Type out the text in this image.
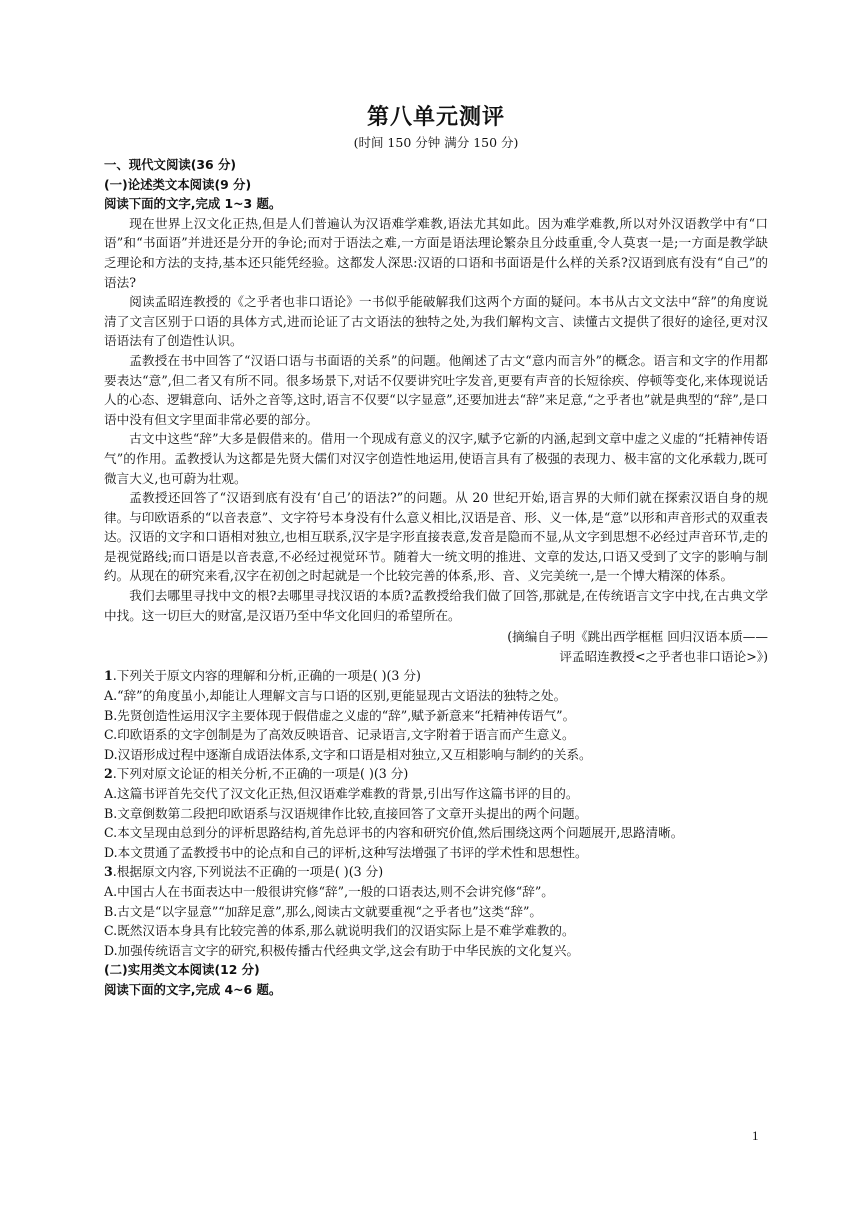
第八单元测评

(时间 150 分钟 满分 150 分)

一、现代文阅读(36 分)

(一)论述类文本阅读(9 分)

阅读下面的文字,完成 1~3 题。

现在世界上汉文化正热,但是人们普遍认为汉语难学难教,语法尤其如此。因为难学难教,所以对外汉语教学中有“口语”和“书面语”并进还是分开的争论;而对于语法之难,一方面是语法理论繁杂且分歧重重,令人莫衷一是;一方面是教学缺乏理论和方法的支持,基本还只能凭经验。这都发人深思:汉语的口语和书面语是什么样的关系?汉语到底有没有“自己”的语法?

阅读孟昭连教授的《之乎者也非口语论》一书似乎能破解我们这两个方面的疑问。本书从古文文法中“辞”的角度说清了文言区别于口语的具体方式,进而论证了古文语法的独特之处,为我们解构文言、读懂古文提供了很好的途径,更对汉语语法有了创造性认识。

孟教授在书中回答了“汉语口语与书面语的关系”的问题。他阐述了古文“意内而言外”的概念。语言和文字的作用都要表达“意”,但二者又有所不同。很多场景下,对话不仅要讲究吐字发音,更要有声音的长短徐疾、停顿等变化,来体现说话人的心态、逻辑意向、话外之音等,这时,语言不仅要“以字显意”,还要加进去“辞”来足意,“之乎者也”就是典型的“辞”,是口语中没有但文字里面非常必要的部分。

古文中这些“辞”大多是假借来的。借用一个现成有意义的汉字,赋予它新的内涵,起到文章中虚之义虚的“托精神传语气”的作用。孟教授认为这都是先贤大儒们对汉字创造性地运用,使语言具有了极强的表现力、极丰富的文化承载力,既可微言大义,也可蔚为壮观。

孟教授还回答了“汉语到底有没有‘自己’的语法?”的问题。从 20 世纪开始,语言界的大师们就在探索汉语自身的规律。与印欧语系的“以音表意”、文字符号本身没有什么意义相比,汉语是音、形、义一体,是“意”以形和声音形式的双重表达。汉语的文字和口语相对独立,也相互联系,汉字是字形直接表意,发音是隐而不显,从文字到思想不必经过声音环节,走的是视觉路线;而口语是以音表意,不必经过视觉环节。随着大一统文明的推进、文章的发达,口语又受到了文字的影响与制约。从现在的研究来看,汉字在初创之时起就是一个比较完善的体系,形、音、义完美统一,是一个博大精深的体系。

我们去哪里寻找中文的根?去哪里寻找汉语的本质?孟教授给我们做了回答,那就是,在传统语言文字中找,在古典文学中找。这一切巨大的财富,是汉语乃至中华文化回归的希望所在。

(摘编自子明《跳出西学框框 回归汉语本质——

评孟昭连教授<之乎者也非口语论>》)

1.下列关于原文内容的理解和分析,正确的一项是( )(3 分)

A.“辞”的角度虽小,却能让人理解文言与口语的区别,更能显现古文语法的独特之处。

B.先贤创造性运用汉字主要体现于假借虚之义虚的“辞”,赋予新意来“托精神传语气”。

C.印欧语系的文字创制是为了高效反映语音、记录语言,文字附着于语言而产生意义。

D.汉语形成过程中逐渐自成语法体系,文字和口语是相对独立,又互相影响与制约的关系。

2.下列对原文论证的相关分析,不正确的一项是( )(3 分)

A.这篇书评首先交代了汉文化正热,但汉语难学难教的背景,引出写作这篇书评的目的。

B.文章倒数第二段把印欧语系与汉语规律作比较,直接回答了文章开头提出的两个问题。

C.本文呈现由总到分的评析思路结构,首先总评书的内容和研究价值,然后围绕这两个问题展开,思路清晰。

D.本文贯通了孟教授书中的论点和自己的评析,这种写法增强了书评的学术性和思想性。

3.根据原文内容,下列说法不正确的一项是( )(3 分)

A.中国古人在书面表达中一般很讲究修“辞”,一般的口语表达,则不会讲究修“辞”。

B.古文是“以字显意”“加辞足意”,那么,阅读古文就要重视“之乎者也”这类“辞”。

C.既然汉语本身具有比较完善的体系,那么就说明我们的汉语实际上是不难学难教的。

D.加强传统语言文字的研究,积极传播古代经典文学,这会有助于中华民族的文化复兴。

(二)实用类文本阅读(12 分)

阅读下面的文字,完成 4~6 题。

1
